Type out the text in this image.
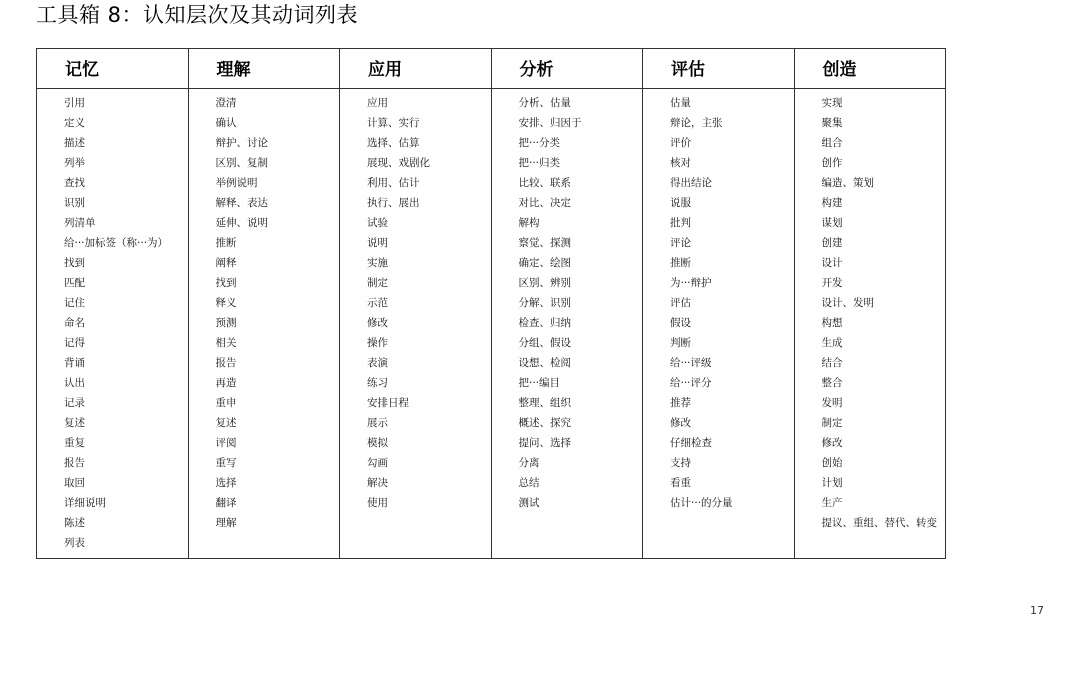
工具箱 8：认知层次及其动词列表
记忆
引用
定义
描述
列举
查找
识别
列清单
给···加标签（称···为）
找到
匹配
记住
命名
记得
背诵
认出
记录
复述
重复
报告
取回
详细说明
陈述
列表
理解
澄清
确认
辩护、讨论
区别、复制
举例说明
解释、表达
延伸、说明
推断
阐释
找到
释义
预测
相关
报告
再造
重申
复述
评阅
重写
选择
翻译
理解
应用
应用
计算、实行
选择、估算
展现、戏剧化
利用、估计
执行、展出
试验
说明
实施
制定
示范
修改
操作
表演
练习
安排日程
展示
模拟
勾画
解决
使用
分析
分析、估量
安排、归因于
把···分类
把···归类
比较、联系
对比、决定
解构
察觉、探测
确定、绘图
区别、辨别
分解、识别
检查、归纳
分组、假设
设想、检阅
把···编目
整理、组织
概述、探究
提问、选择
分离
总结
测试
评估
估量
辩论，主张
评价
核对
得出结论
说服
批判
评论
推断
为···辩护
评估
假设
判断
给···评级
给···评分
推荐
修改
仔细检查
支持
看重
估计···的分量
创造
实现
聚集
组合
创作
编造、策划
构建
谋划
创建
设计
开发
设计、发明
构想
生成
结合
整合
发明
制定
修改
创始
计划
生产
提议、重组、替代、转变
17
